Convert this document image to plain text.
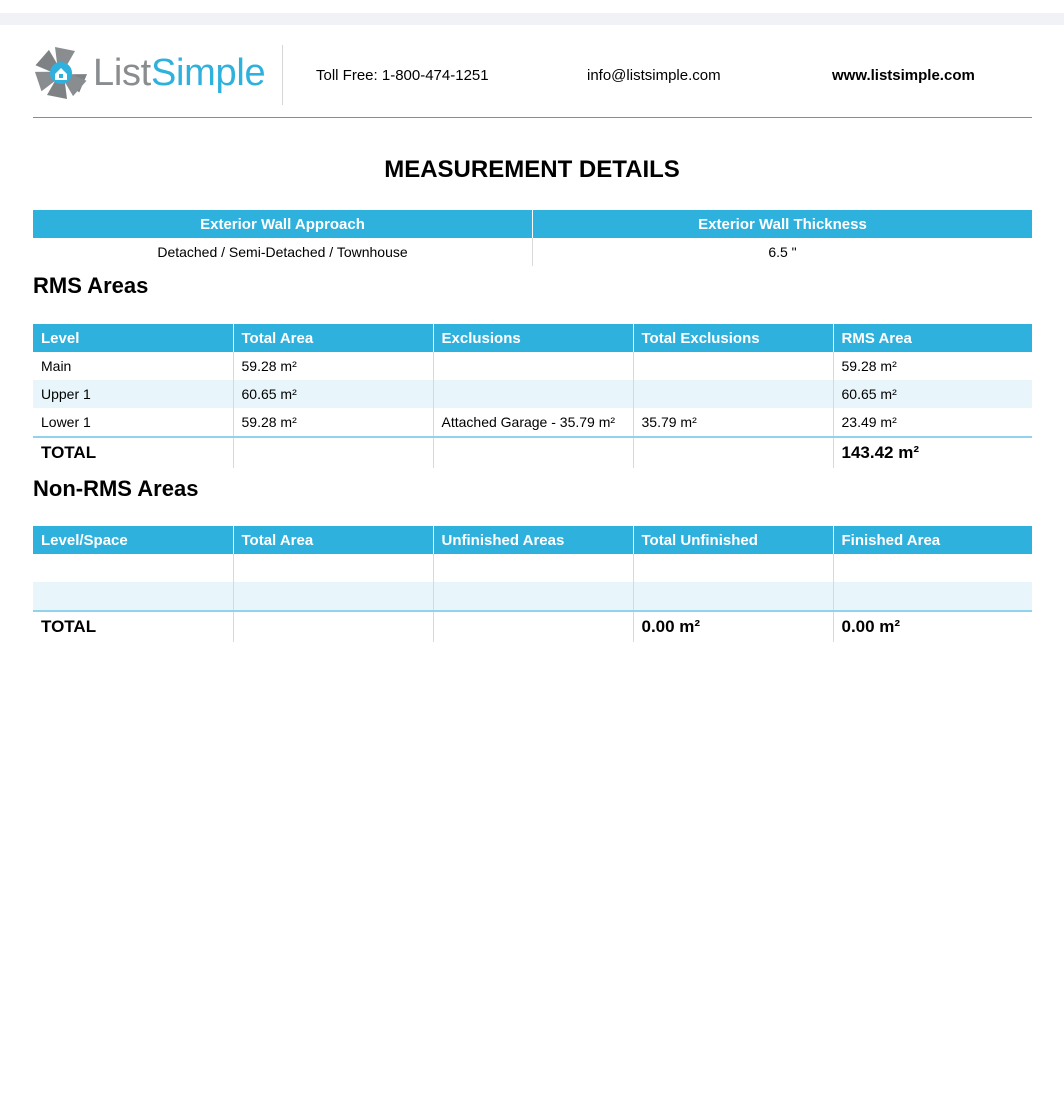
ListSimple	Toll Free: 1-800-474-1251	info@listsimple.com	www.listsimple.com
MEASUREMENT DETAILS
Exterior Wall Approach	Exterior Wall Thickness
Detached / Semi-Detached / Townhouse	6.5 "
RMS Areas
Level	Total Area	Exclusions	Total Exclusions	RMS Area
Main	59.28 m²			59.28 m²
Upper 1	60.65 m²			60.65 m²
Lower 1	59.28 m²	Attached Garage - 35.79 m²	35.79 m²	23.49 m²
TOTAL				143.42 m²
Non-RMS Areas
Level/Space	Total Area	Unfinished Areas	Total Unfinished	Finished Area

TOTAL			0.00 m²	0.00 m²
